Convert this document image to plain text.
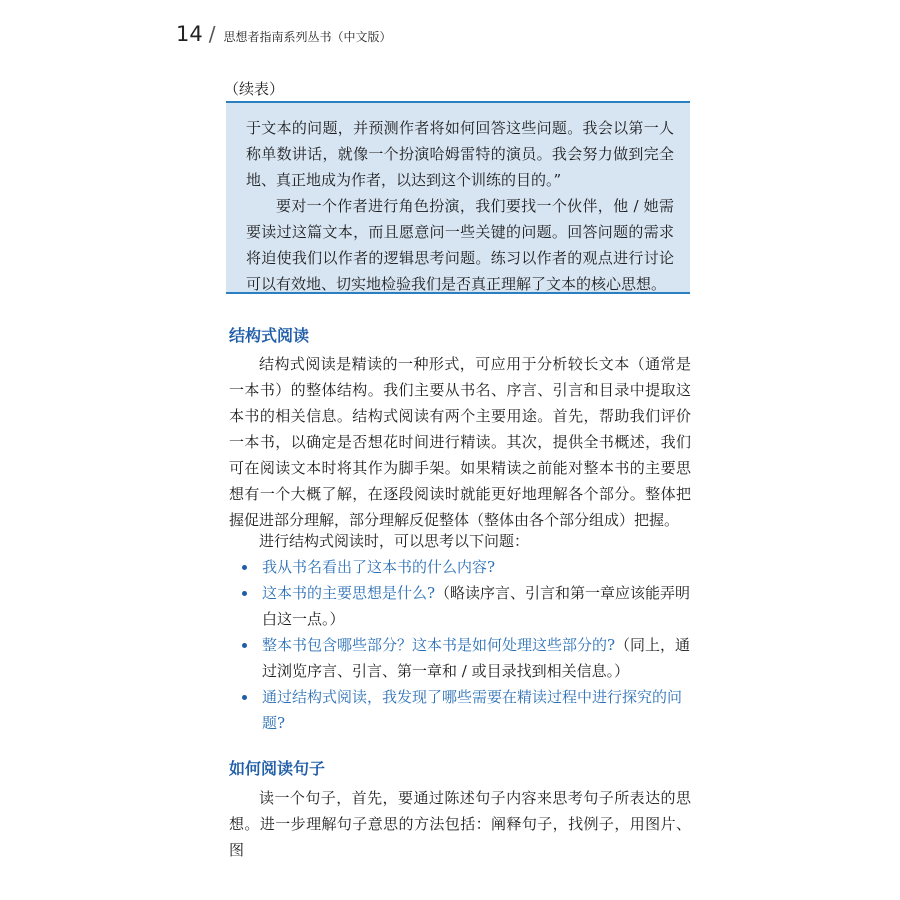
14 / 思想者指南系列丛书（中文版）
（续表）

于文本的问题，并预测作者将如何回答这些问题。我会以第一人称单数讲话，就像一个扮演哈姆雷特的演员。我会努力做到完全地、真正地成为作者，以达到这个训练的目的。”

要对一个作者进行角色扮演，我们要找一个伙伴，他 / 她需要读过这篇文本，而且愿意问一些关键的问题。回答问题的需求将迫使我们以作者的逻辑思考问题。练习以作者的观点进行讨论可以有效地、切实地检验我们是否真正理解了文本的核心思想。

结构式阅读

结构式阅读是精读的一种形式，可应用于分析较长文本（通常是一本书）的整体结构。我们主要从书名、序言、引言和目录中提取这本书的相关信息。结构式阅读有两个主要用途。首先，帮助我们评价一本书，以确定是否想花时间进行精读。其次，提供全书概述，我们可在阅读文本时将其作为脚手架。如果精读之前能对整本书的主要思想有一个大概了解，在逐段阅读时就能更好地理解各个部分。整体把握促进部分理解，部分理解反促整体（整体由各个部分组成）把握。

进行结构式阅读时，可以思考以下问题：

我从书名看出了这本书的什么内容?
这本书的主要思想是什么?（略读序言、引言和第一章应该能弄明白这一点。）
整本书包含哪些部分？这本书是如何处理这些部分的?（同上，通过浏览序言、引言、第一章和 / 或目录找到相关信息。）
通过结构式阅读，我发现了哪些需要在精读过程中进行探究的问题?
如何阅读句子

读一个句子，首先，要通过陈述句子内容来思考句子所表达的思想。进一步理解句子意思的方法包括：阐释句子，找例子，用图片、图
